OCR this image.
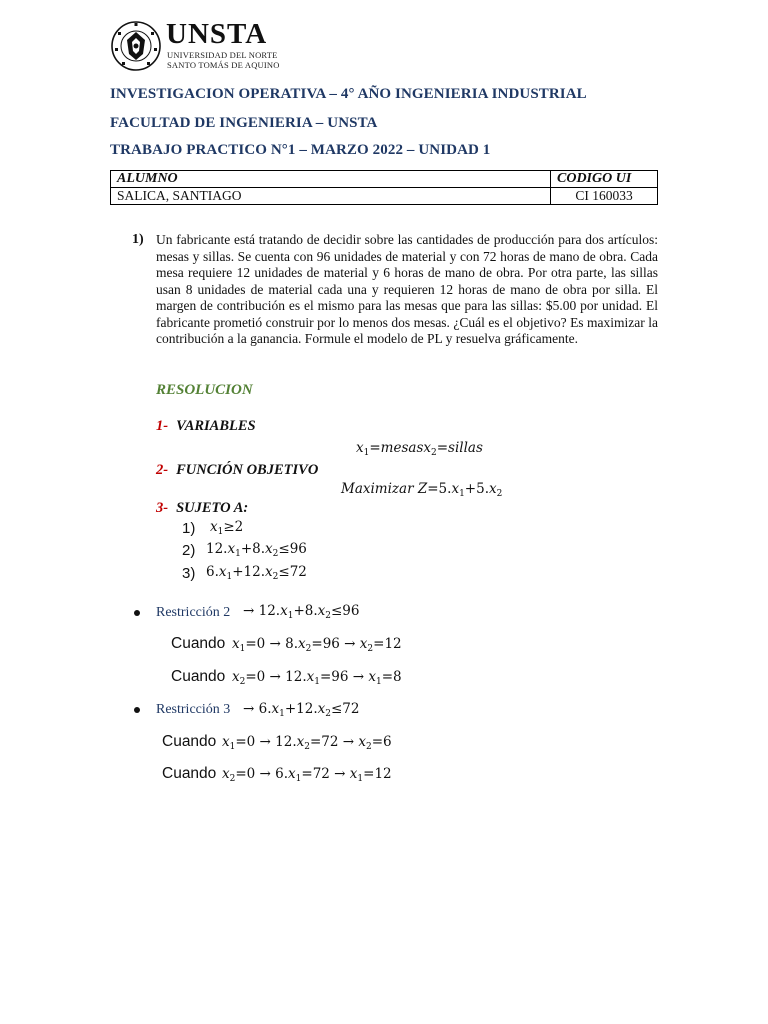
UNSTA
UNIVERSIDAD DEL NORTE
SANTO TOMÁS DE AQUINO
INVESTIGACION OPERATIVA – 4° AÑO INGENIERIA INDUSTRIAL
FACULTAD DE INGENIERIA – UNSTA
TRABAJO PRACTICO N°1 – MARZO 2022 – UNIDAD 1
ALUMNO	CODIGO UI
SALICA, SANTIAGO	CI 160033
1) Un fabricante está tratando de decidir sobre las cantidades de producción para dos artículos: mesas y sillas. Se cuenta con 96 unidades de material y con 72 horas de mano de obra. Cada mesa requiere 12 unidades de material y 6 horas de mano de obra. Por otra parte, las sillas usan 8 unidades de material cada una y requieren 12 horas de mano de obra por silla. El margen de contribución es el mismo para las mesas que para las sillas: $5.00 por unidad. El fabricante prometió construir por lo menos dos mesas. ¿Cuál es el objetivo? Es maximizar la contribución a la ganancia. Formule el modelo de PL y resuelva gráficamente.
RESOLUCION
1- VARIABLES
$x_1=mesasx_2=sillas$
2- FUNCIÓN OBJETIVO
Maximizar $Z=5.x_1+5.x_2$
3- SUJETO A:
1) $x_1\ge 2$
2) $12.x_1+8.x_2\le 96$
3) $6.x_1+12.x_2\le 72$
Restricción $2 \to 12.x_1+8.x_2\le 96$
Cuando $x_1=0 \to 8.x_2=96 \to x_2=12$
Cuando $x_2=0 \to 12.x_1=96 \to x_1=8$
Restricción $3 \to 6.x_1+12.x_2\le 72$
Cuando $x_1=0 \to 12.x_2=72 \to x_2=6$
Cuando $x_2=0 \to 6.x_1=72 \to x_1=12$
